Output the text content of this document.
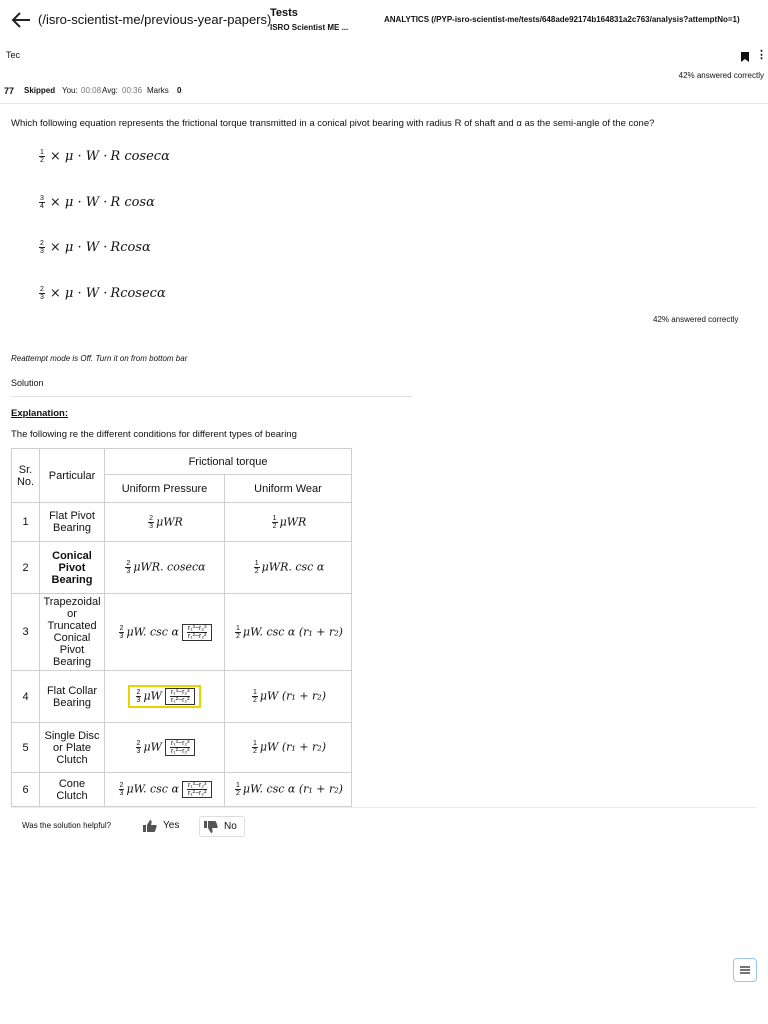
(/isro-scientist-me/previous-year-papers)
Tests
ISRO Scientist ME ...
ANALYTICS (/PYP-isro-scientist-me/tests/648ade92174b164831a2c763/analysis?attemptNo=1)
Tec	⋮
42% answered correctly
77 Skipped You: 00:08 Avg: 00:36 Marks 0
Which following equation represents the frictional torque transmitted in a conical pivot bearing with radius R of shaft and α as the semi-angle of the cone?
$\frac{1}{2} \times \mu \cdot W \cdot R$ cosecα
$\frac{3}{4} \times \mu \cdot W \cdot R$ cosα
$\frac{2}{3} \times \mu \cdot W \cdot Rcos\alpha$
$\frac{2}{3} \times \mu \cdot W \cdot Rcosec\alpha$
42% answered correctly
Reattempt mode is Off. Turn it on from bottom bar
Solution
Explanation:
The following re the different conditions for different types of bearing
Sr. No.	Particular	Frictional torque	
		Uniform Pressure	Uniform Wear
1	Flat Pivot Bearing	$\frac{2}{3}$ μWR	$\frac{1}{2}$ μWR
2	Conical Pivot Bearing	$\frac{2}{3} \mu WR$. cosecα	$\frac{1}{2} \mu WR$. csc α
3	Trapezoidal or Truncated Conical Pivot Bearing	$\frac{2}{3} \mu W$. csc α $\frac{\text{r₁³−r₂³}}{\text{r₁²−r₂²}}$	$\frac{1}{2} \mu W$. csc α (r₁ + r₂)
4	Flat Collar Bearing	$\frac{2}{3}$ μW $\frac{\text{r₁³−r₂³}}{\text{r₁²−r₂²}}$	$\frac{1}{2}$ μW (r₁ + r₂)
5	Single Disc or Plate Clutch	$\frac{2}{3}$ μW $\frac{\text{r₁³−r₂³}}{\text{r₁²−r₂²}}$	$\frac{1}{2}$ μW (r₁ + r₂)
6	Cone Clutch	$\frac{2}{3} \mu W$. csc α $\frac{\text{r₁³−r₂³}}{\text{r₁²−r₂²}}$	$\frac{1}{2} \mu W$. csc α (r₁ + r₂)
Was the solution helpful?	Yes	No
